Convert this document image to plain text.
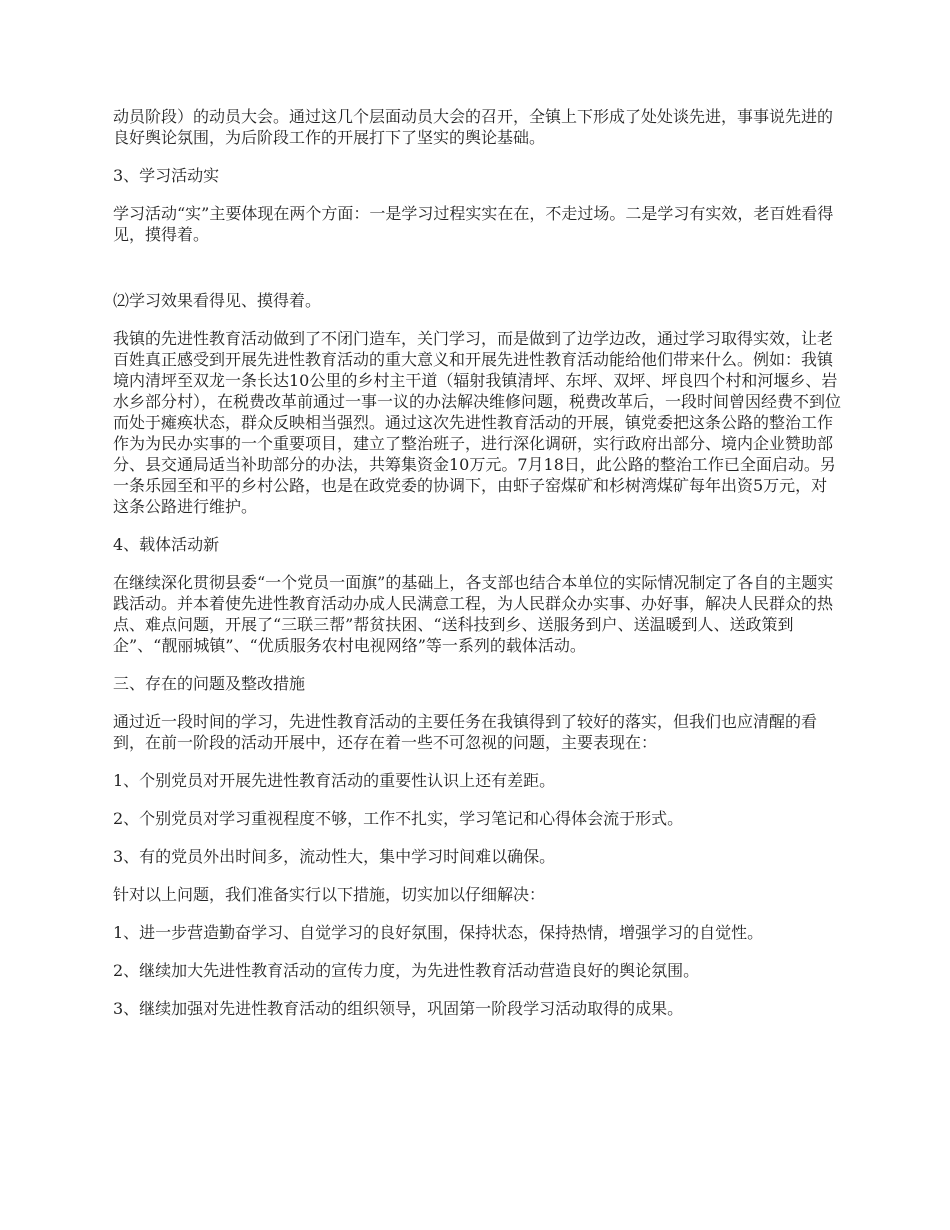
动员阶段）的动员大会。通过这几个层面动员大会的召开，全镇上下形成了处处谈先进，事事说先进的良好舆论氛围，为后阶段工作的开展打下了坚实的舆论基础。

3、学习活动实

学习活动“实”主要体现在两个方面：一是学习过程实实在在，不走过场。二是学习有实效，老百姓看得见，摸得着。

⑵学习效果看得见、摸得着。

我镇的先进性教育活动做到了不闭门造车，关门学习，而是做到了边学边改，通过学习取得实效，让老百姓真正感受到开展先进性教育活动的重大意义和开展先进性教育活动能给他们带来什么。例如：我镇境内清坪至双龙一条长达10公里的乡村主干道（辐射我镇清坪、东坪、双坪、坪良四个村和河堰乡、岩水乡部分村），在税费改革前通过一事一议的办法解决维修问题，税费改革后，一段时间曾因经费不到位而处于瘫痪状态，群众反映相当强烈。通过这次先进性教育活动的开展，镇党委把这条公路的整治工作作为为民办实事的一个重要项目，建立了整治班子，进行深化调研，实行政府出部分、境内企业赞助部分、县交通局适当补助部分的办法，共筹集资金10万元。7月18日，此公路的整治工作已全面启动。另一条乐园至和平的乡村公路，也是在政党委的协调下，由虾子窑煤矿和杉树湾煤矿每年出资5万元，对这条公路进行维护。

4、载体活动新

在继续深化贯彻县委“一个党员一面旗”的基础上，各支部也结合本单位的实际情况制定了各自的主题实践活动。并本着使先进性教育活动办成人民满意工程，为人民群众办实事、办好事，解决人民群众的热点、难点问题，开展了“三联三帮”帮贫扶困、“送科技到乡、送服务到户、送温暖到人、送政策到企”、“靓丽城镇”、“优质服务农村电视网络”等一系列的载体活动。

三、存在的问题及整改措施

通过近一段时间的学习，先进性教育活动的主要任务在我镇得到了较好的落实，但我们也应清醒的看到，在前一阶段的活动开展中，还存在着一些不可忽视的问题，主要表现在：

1、个别党员对开展先进性教育活动的重要性认识上还有差距。

2、个别党员对学习重视程度不够，工作不扎实，学习笔记和心得体会流于形式。

3、有的党员外出时间多，流动性大，集中学习时间难以确保。

针对以上问题，我们准备实行以下措施，切实加以仔细解决：

1、进一步营造勤奋学习、自觉学习的良好氛围，保持状态，保持热情，增强学习的自觉性。

2、继续加大先进性教育活动的宣传力度，为先进性教育活动营造良好的舆论氛围。

3、继续加强对先进性教育活动的组织领导，巩固第一阶段学习活动取得的成果。
